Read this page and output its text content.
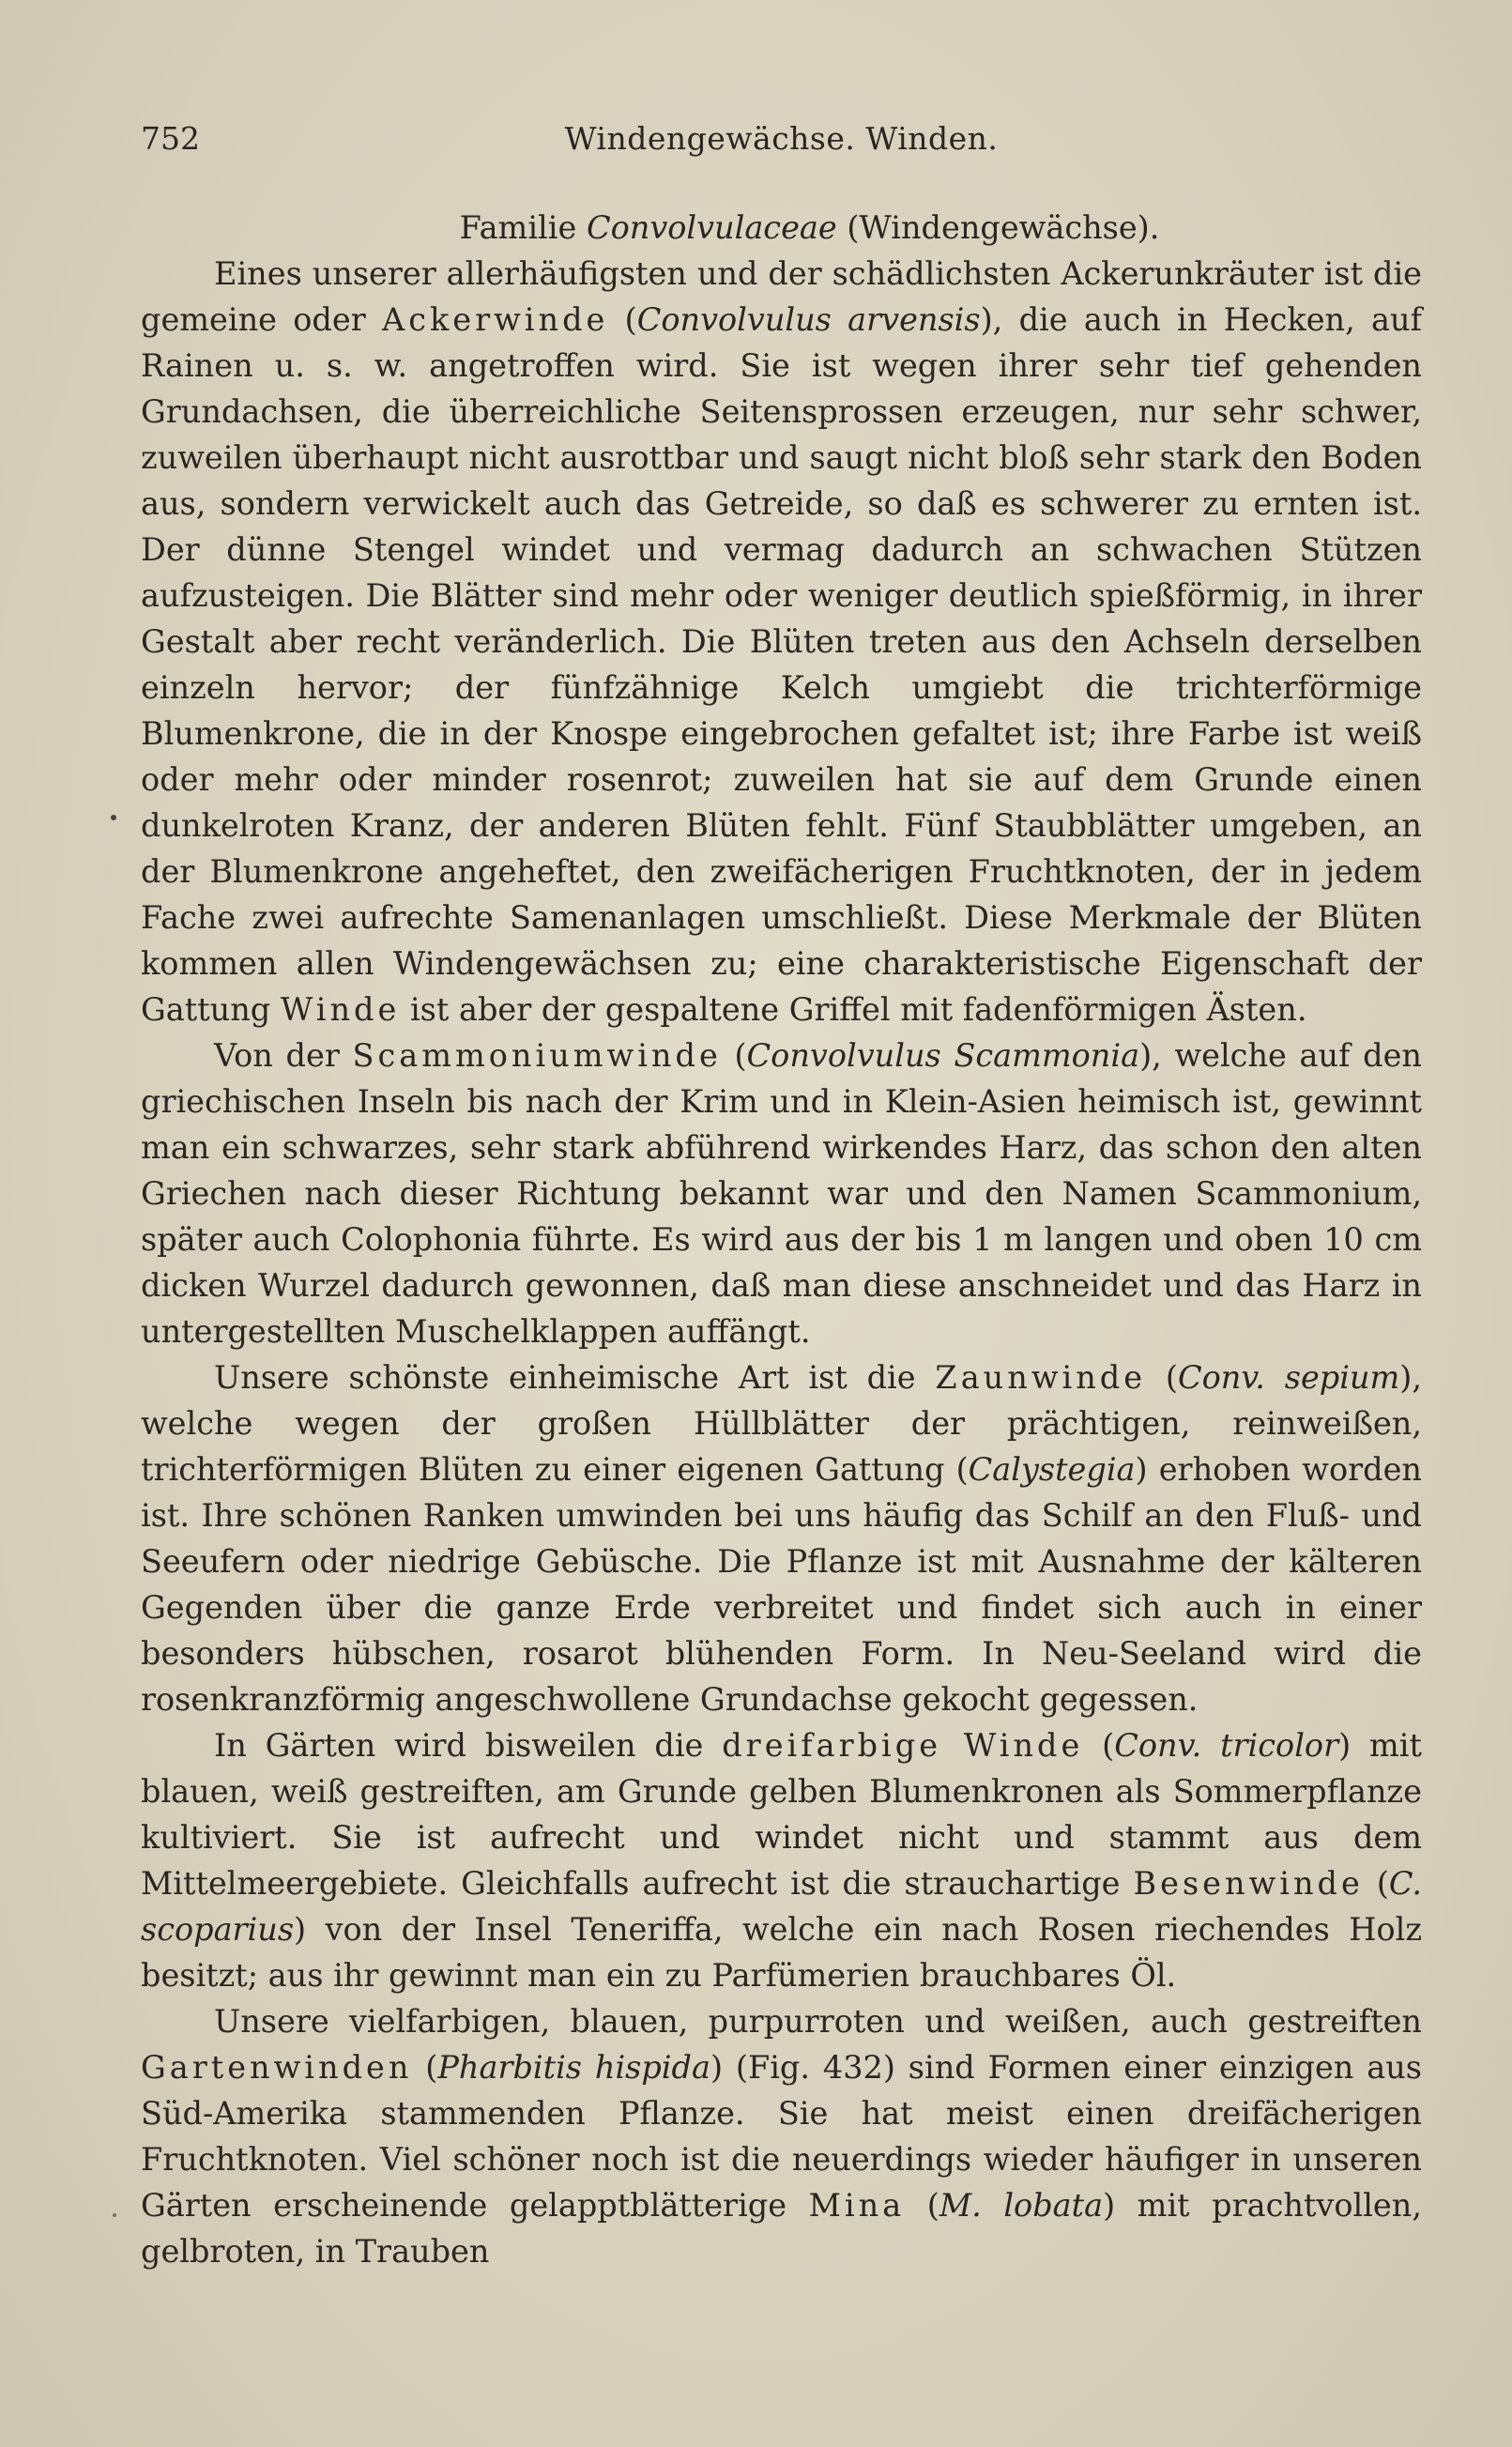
752	Windengewächse. Winden.

Familie Convolvulaceae (Windengewächse).

Eines unserer allerhäufigsten und der schädlichsten Ackerunkräuter ist die gemeine oder Ackerwinde (Convolvulus arvensis), die auch in Hecken, auf Rainen u. s. w. angetroffen wird. Sie ist wegen ihrer sehr tief gehenden Grundachsen, die überreichliche Seitensprossen erzeugen, nur sehr schwer, zuweilen überhaupt nicht ausrottbar und saugt nicht bloß sehr stark den Boden aus, sondern verwickelt auch das Getreide, so daß es schwerer zu ernten ist. Der dünne Stengel windet und vermag dadurch an schwachen Stützen aufzusteigen. Die Blätter sind mehr oder weniger deutlich spießförmig, in ihrer Gestalt aber recht veränderlich. Die Blüten treten aus den Achseln derselben einzeln hervor; der fünfzähnige Kelch umgiebt die trichterförmige Blumenkrone, die in der Knospe eingebrochen gefaltet ist; ihre Farbe ist weiß oder mehr oder minder rosenrot; zuweilen hat sie auf dem Grunde einen dunkelroten Kranz, der anderen Blüten fehlt. Fünf Staubblätter umgeben, an der Blumenkrone angeheftet, den zweifächerigen Fruchtknoten, der in jedem Fache zwei aufrechte Samenanlagen umschließt. Diese Merkmale der Blüten kommen allen Windengewächsen zu; eine charakteristische Eigenschaft der Gattung Winde ist aber der gespaltene Griffel mit fadenförmigen Ästen.

Von der Scammoniumwinde (Convolvulus Scammonia), welche auf den griechischen Inseln bis nach der Krim und in Klein-Asien heimisch ist, gewinnt man ein schwarzes, sehr stark abführend wirkendes Harz, das schon den alten Griechen nach dieser Richtung bekannt war und den Namen Scammonium, später auch Colophonia führte. Es wird aus der bis 1 m langen und oben 10 cm dicken Wurzel dadurch gewonnen, daß man diese anschneidet und das Harz in untergestellten Muschelklappen auffängt.

Unsere schönste einheimische Art ist die Zaunwinde (Conv. sepium), welche wegen der großen Hüllblätter der prächtigen, reinweißen, trichterförmigen Blüten zu einer eigenen Gattung (Calystegia) erhoben worden ist. Ihre schönen Ranken umwinden bei uns häufig das Schilf an den Fluß- und Seeufern oder niedrige Gebüsche. Die Pflanze ist mit Ausnahme der kälteren Gegenden über die ganze Erde verbreitet und findet sich auch in einer besonders hübschen, rosarot blühenden Form. In Neu-Seeland wird die rosenkranzförmig angeschwollene Grundachse gekocht gegessen.

In Gärten wird bisweilen die dreifarbige Winde (Conv. tricolor) mit blauen, weiß gestreiften, am Grunde gelben Blumenkronen als Sommerpflanze kultiviert. Sie ist aufrecht und windet nicht und stammt aus dem Mittelmeergebiete. Gleichfalls aufrecht ist die strauchartige Besenwinde (C. scoparius) von der Insel Teneriffa, welche ein nach Rosen riechendes Holz besitzt; aus ihr gewinnt man ein zu Parfümerien brauchbares Öl.

Unsere vielfarbigen, blauen, purpurroten und weißen, auch gestreiften Gartenwinden (Pharbitis hispida) (Fig. 432) sind Formen einer einzigen aus Süd-Amerika stammenden Pflanze. Sie hat meist einen dreifächerigen Fruchtknoten. Viel schöner noch ist die neuerdings wieder häufiger in unseren Gärten erscheinende gelapptblätterige Mina (M. lobata) mit prachtvollen, gelbroten, in Trauben
